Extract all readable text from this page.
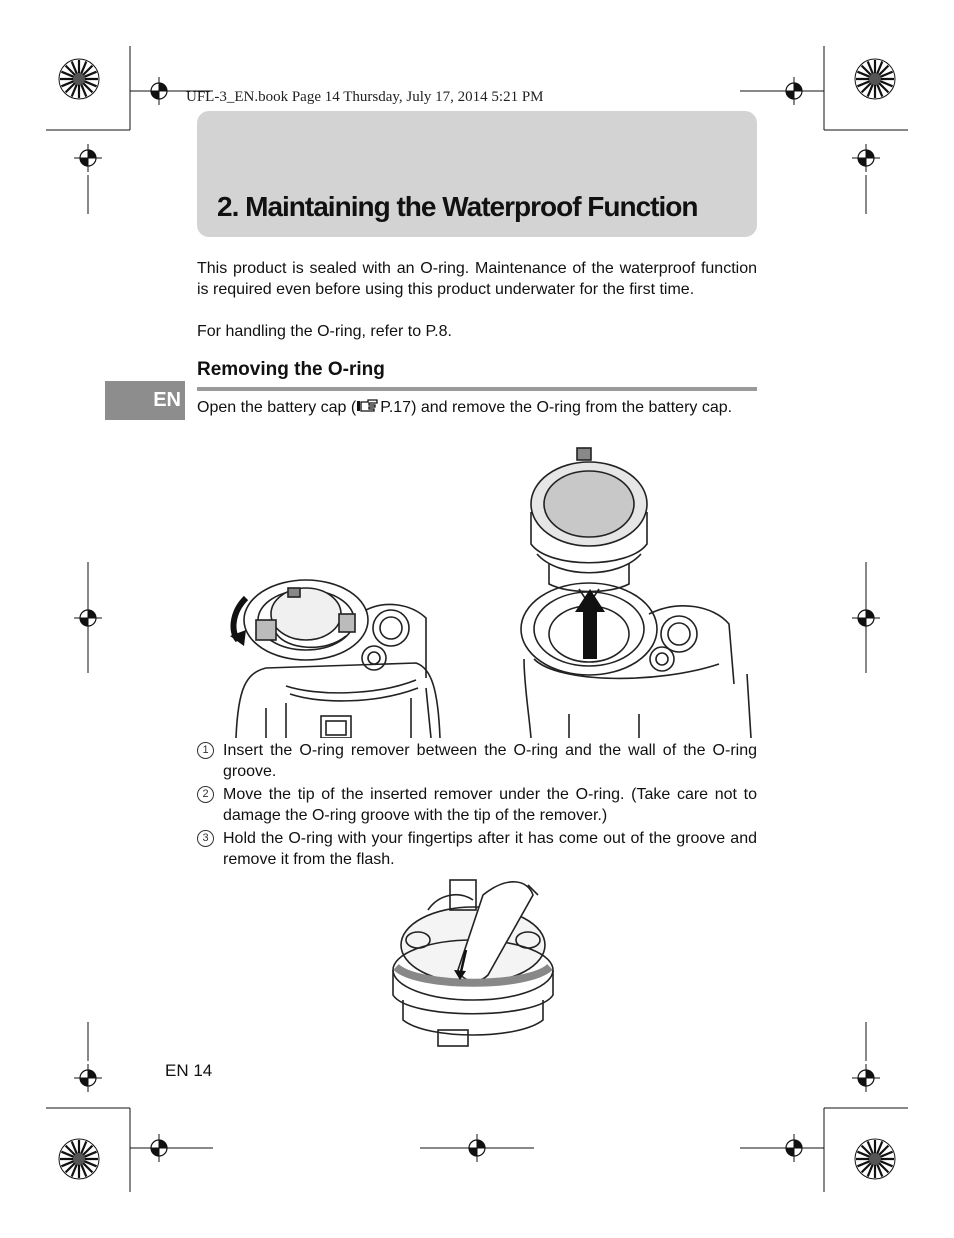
UFL-3_EN.book Page 14 Thursday, July 17, 2014 5:21 PM
2. Maintaining the Waterproof Function
This product is sealed with an O-ring. Maintenance of the waterproof function is required even before using this product underwater for the first time.
For handling the O-ring, refer to P.8.
Removing the O-ring
EN Open the battery cap ( P.17) and remove the O-ring from the battery cap.
1 Insert the O-ring remover between the O-ring and the wall of the O-ring groove.
2 Move the tip of the inserted remover under the O-ring. (Take care not to damage the O-ring groove with the tip of the remover.)
3 Hold the O-ring with your fingertips after it has come out of the groove and remove it from the flash.
EN 14
